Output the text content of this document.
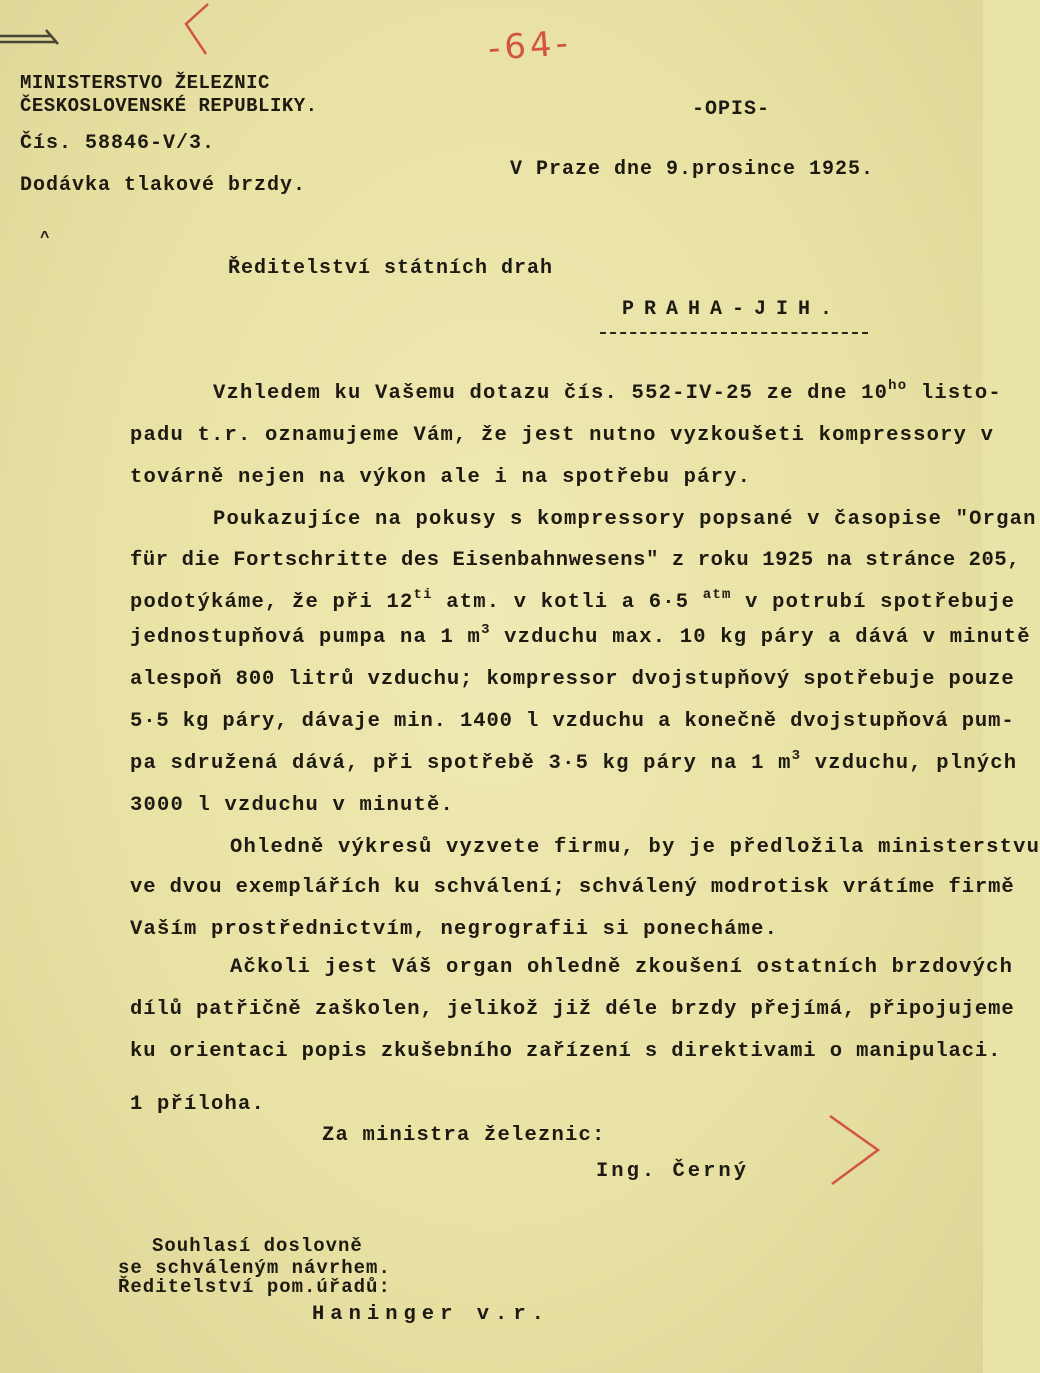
-64-
MINISTERSTVO ŽELEZNIC
ČESKOSLOVENSKÉ REPUBLIKY.
Čís. 58846-V/3.
Dodávka tlakové brzdy.
-OPIS-
V Praze dne 9.prosince 1925.
^
Ředitelství státních drah
PRAHA-JIH.
Vzhledem ku Vašemu dotazu čís. 552-IV-25 ze dne $10^{ho}$ listo-
padu t.r. oznamujeme Vám, že jest nutno vyzkoušeti kompressory v
továrně nejen na výkon ale i na spotřebu páry.
Poukazujíce na pokusy s kompressory popsané v časopise "Organ
für die Fortschritte des Eisenbahnwesens" z roku 1925 na stránce 205,
podotýkáme, že při $12^{ti}$ atm. v kotli a 6·5 $^{atm}$ v potrubí spotřebuje
jednostupňová pumpa na 1 $m^3$ vzduchu max. 10 kg páry a dává v minutě
alespoň 800 litrů vzduchu; kompressor dvojstupňový spotřebuje pouze
5·5 kg páry, dávaje min. 1400 l vzduchu a konečně dvojstupňová pum-
pa sdružená dává, při spotřebě 3·5 kg páry na 1 $m^3$ vzduchu, plných
3000 l vzduchu v minutě.
Ohledně výkresů vyzvete firmu, by je předložila ministerstvu
ve dvou exemplářích ku schválení; schválený modrotisk vrátíme firmě
Vaším prostřednictvím, negrografii si ponecháme.
Ačkoli jest Váš organ ohledně zkoušení ostatních brzdových
dílů patřičně zaškolen, jelikož již déle brzdy přejímá, připojujeme
ku orientaci popis zkušebního zařízení s direktivami o manipulaci.
1 příloha.
Za ministra železnic:
Ing. Černý
Souhlasí doslovně
se schváleným návrhem.
Ředitelství pom.úřadů:
Haninger v.r.
